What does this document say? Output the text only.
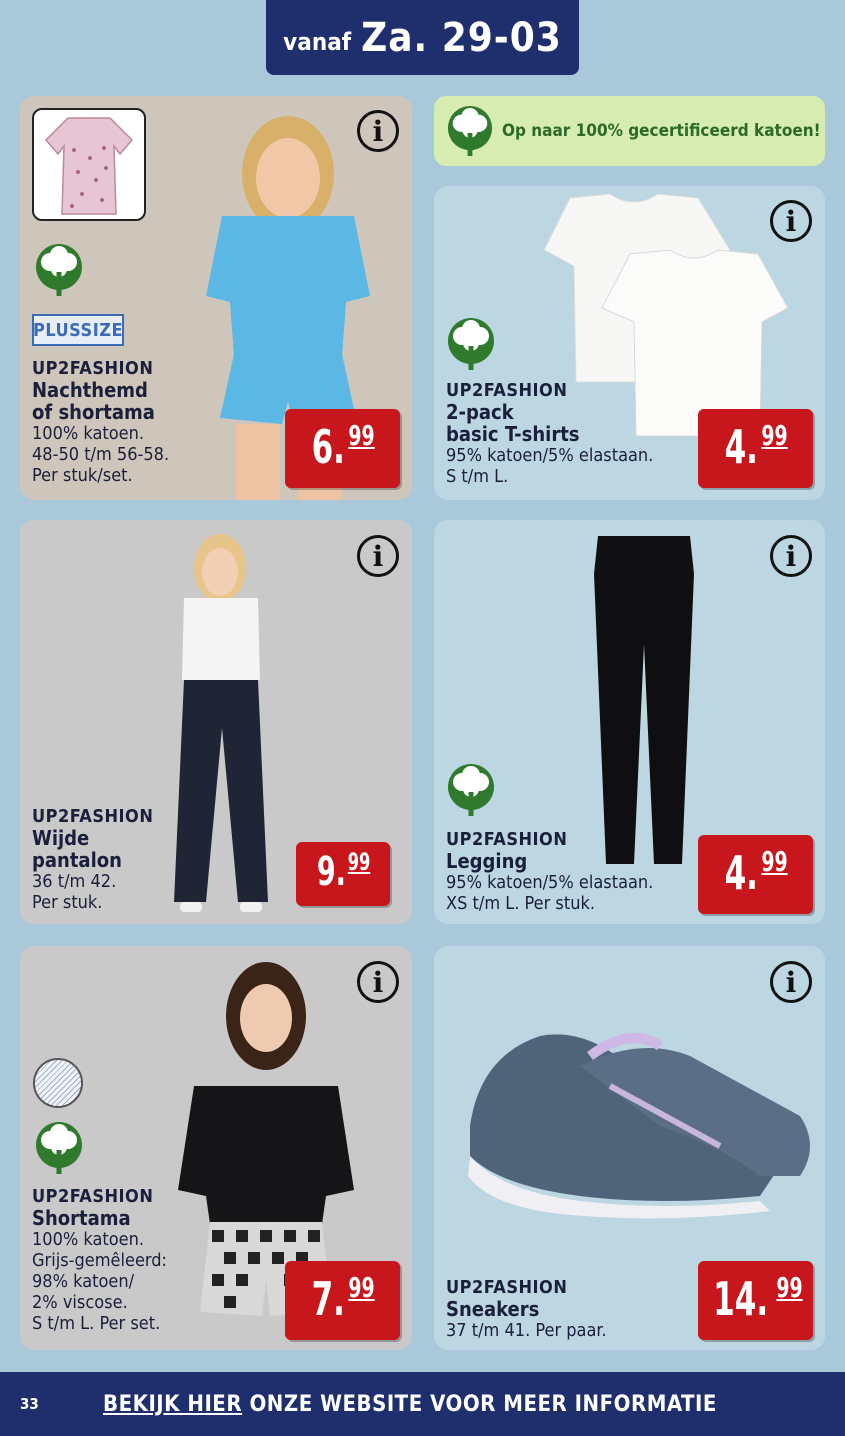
vanaf Za. 29-03
i
PLUSSIZE
UP2FASHION
Nachthemd
of shortama
100% katoen.
48-50 t/m 56-58.
Per stuk/set.
6. 99
Op naar 100% gecertificeerd katoen!
i
UP2FASHION
2-pack
basic T-shirts
95% katoen/5% elastaan.
S t/m L.
4. 99
i
UP2FASHION
Wijde
pantalon
36 t/m 42.
Per stuk.
9. 99
i
UP2FASHION
Legging
95% katoen/5% elastaan.
XS t/m L. Per stuk.
4. 99
i
UP2FASHION
Shortama
100% katoen.
Grijs-gemêleerd:
98% katoen/
2% viscose.
S t/m L. Per set.	7. 99
i
UP2FASHION
Sneakers
37 t/m 41. Per paar.
14. 99
33	BEKIJK HIER ONZE WEBSITE VOOR MEER INFORMATIE
